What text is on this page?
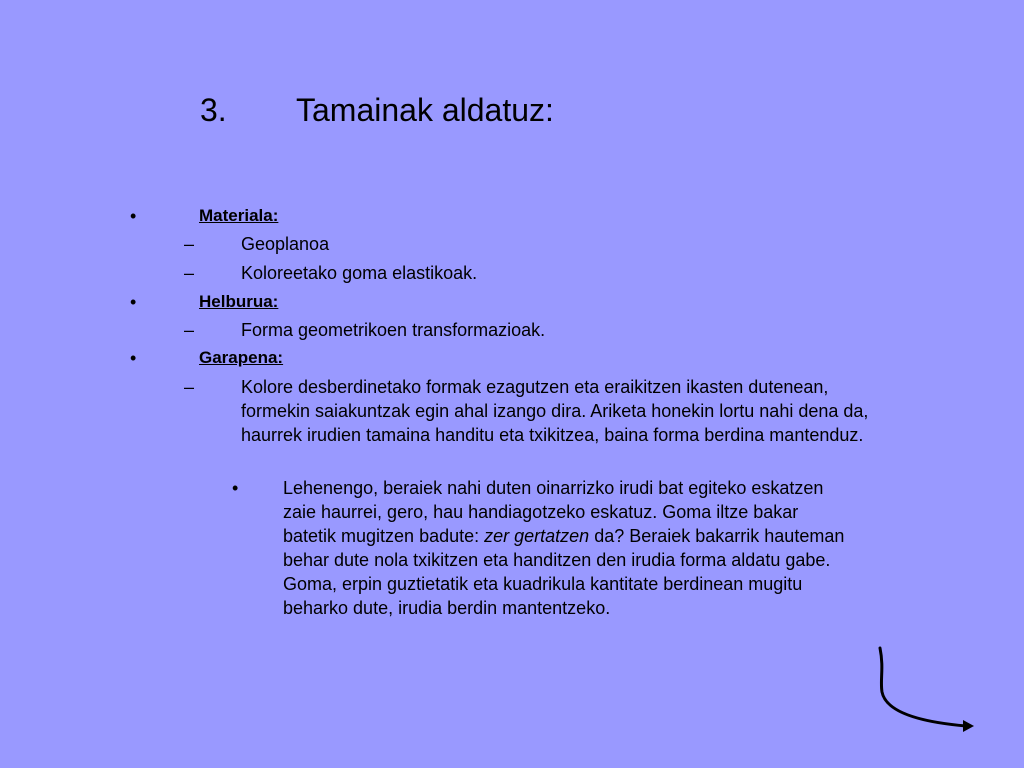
3. Tamainak aldatuz:
•	Materiala:
–	Geoplanoa
–	Koloreetako goma elastikoak.
•	Helburua:
–	Forma geometrikoen transformazioak.
•	Garapena:
–	Kolore desberdinetako formak ezagutzen eta eraikitzen ikasten dutenean, formekin saiakuntzak egin ahal izango dira. Ariketa honekin lortu nahi dena da, haurrek irudien tamaina handitu eta txikitzea, baina forma berdina mantenduz.
• Lehenengo, beraiek nahi duten oinarrizko irudi bat egiteko eskatzen zaie haurrei, gero, hau handiagotzeko eskatuz. Goma iltze bakar batetik mugitzen badute: zer gertatzen da? Beraiek bakarrik hauteman behar dute nola txikitzen eta handitzen den irudia forma aldatu gabe. Goma, erpin guztietatik eta kuadrikula kantitate berdinean mugitu beharko dute, irudia berdin mantentzeko.
